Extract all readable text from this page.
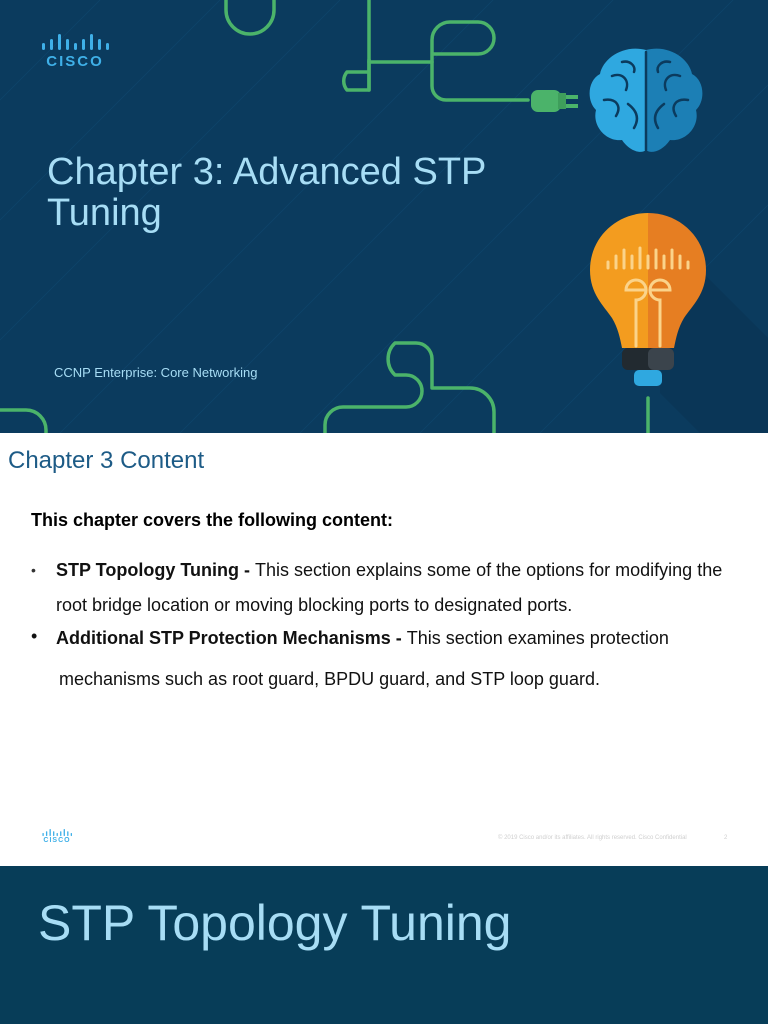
CISCO
Chapter 3: Advanced STP Tuning
CCNP Enterprise: Core Networking
Chapter 3 Content
This chapter covers the following content:
• STP Topology Tuning - This section explains some of the options for modifying the root bridge location or moving blocking ports to designated ports.
• Additional STP Protection Mechanisms - This section examines protection
mechanisms such as root guard, BPDU guard, and STP loop guard.
CISCO	© 2019 Cisco and/or its affiliates. All rights reserved. Cisco Confidential	2
STP Topology Tuning
